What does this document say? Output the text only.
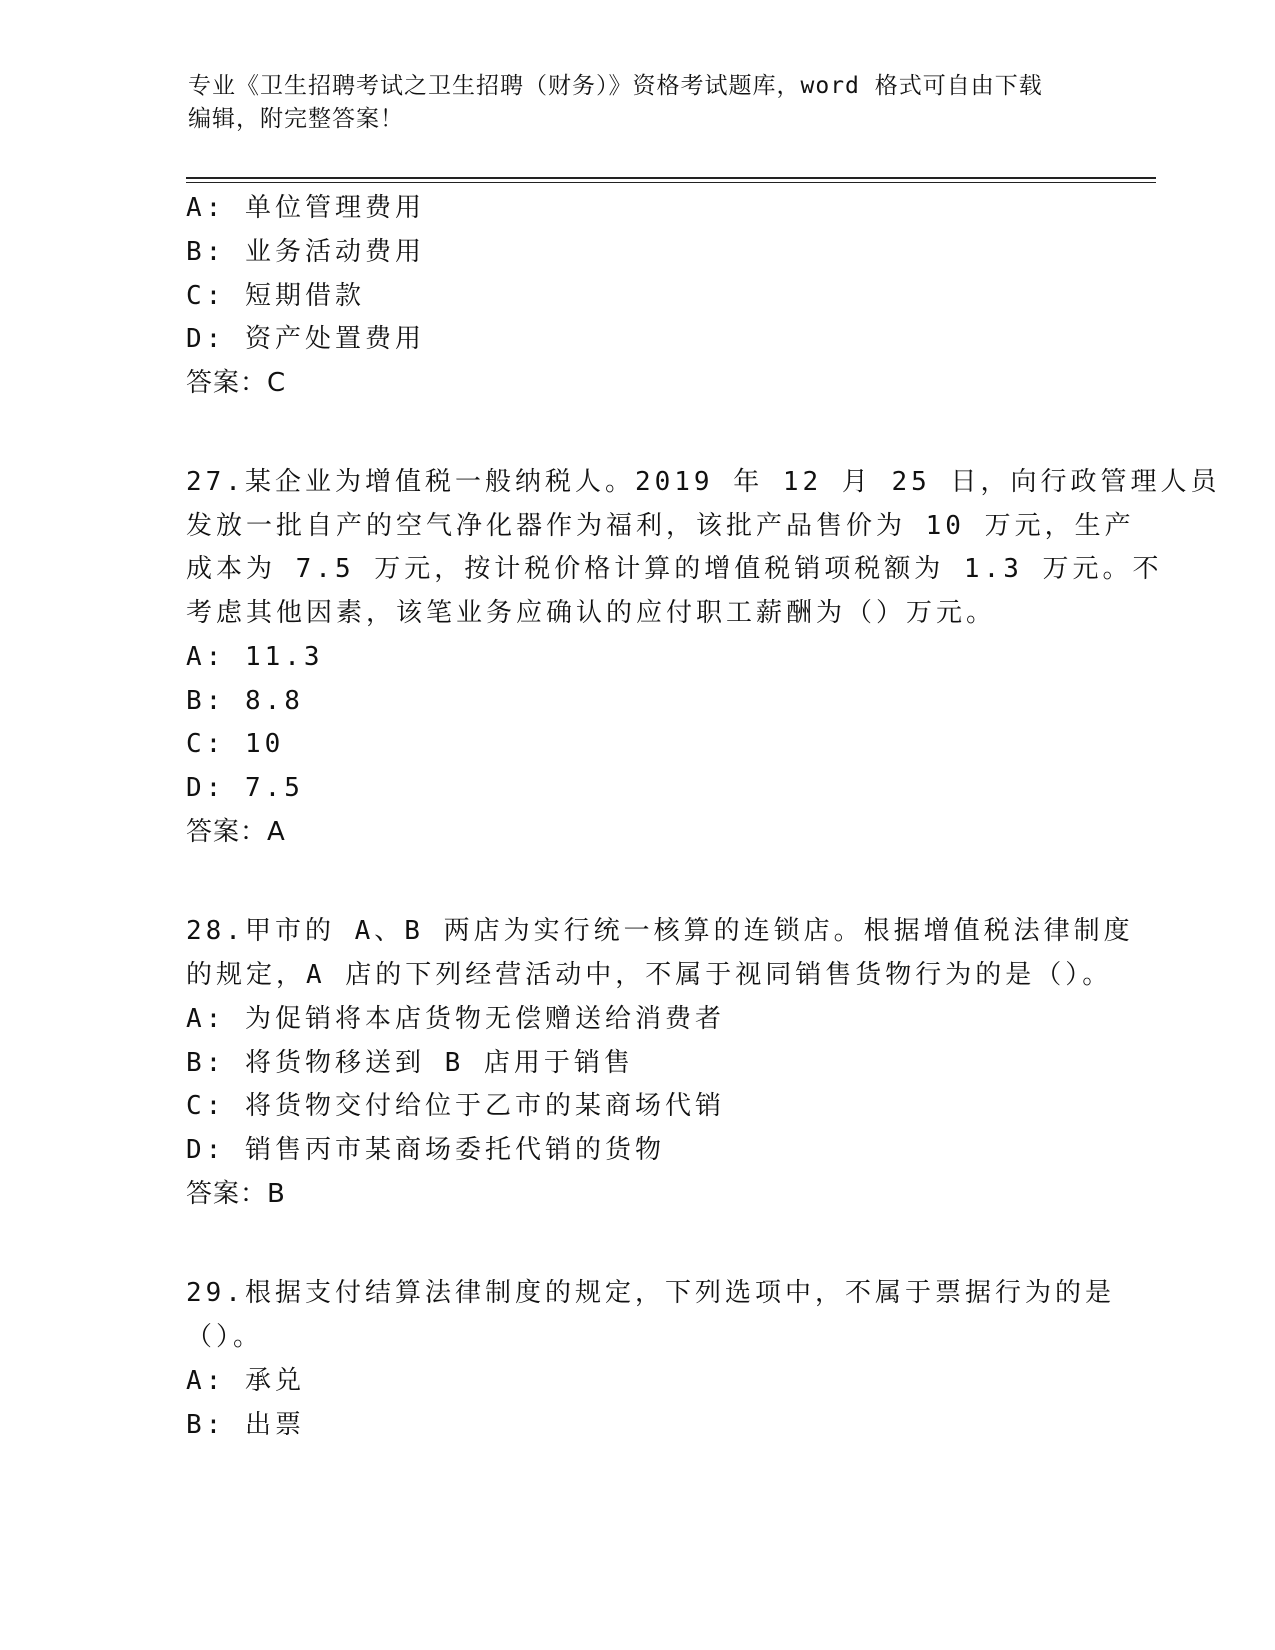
专业《卫生招聘考试之卫生招聘（财务）》资格考试题库，word 格式可自由下载
编辑，附完整答案！
A: 单位管理费用
B: 业务活动费用
C: 短期借款
D: 资产处置费用
答案：C
27.某企业为增值税一般纳税人。2019 年 12 月 25 日，向行政管理人员
发放一批自产的空气净化器作为福利，该批产品售价为 10 万元，生产
成本为 7.5 万元，按计税价格计算的增值税销项税额为 1.3 万元。不
考虑其他因素，该笔业务应确认的应付职工薪酬为（）万元。
A: 11.3
B: 8.8
C: 10
D: 7.5
答案：A
28.甲市的 A、B 两店为实行统一核算的连锁店。根据增值税法律制度
的规定，A 店的下列经营活动中，不属于视同销售货物行为的是（）。
A: 为促销将本店货物无偿赠送给消费者
B: 将货物移送到 B 店用于销售
C: 将货物交付给位于乙市的某商场代销
D: 销售丙市某商场委托代销的货物
答案：B
29.根据支付结算法律制度的规定，下列选项中，不属于票据行为的是
（）。
A: 承兑
B: 出票
